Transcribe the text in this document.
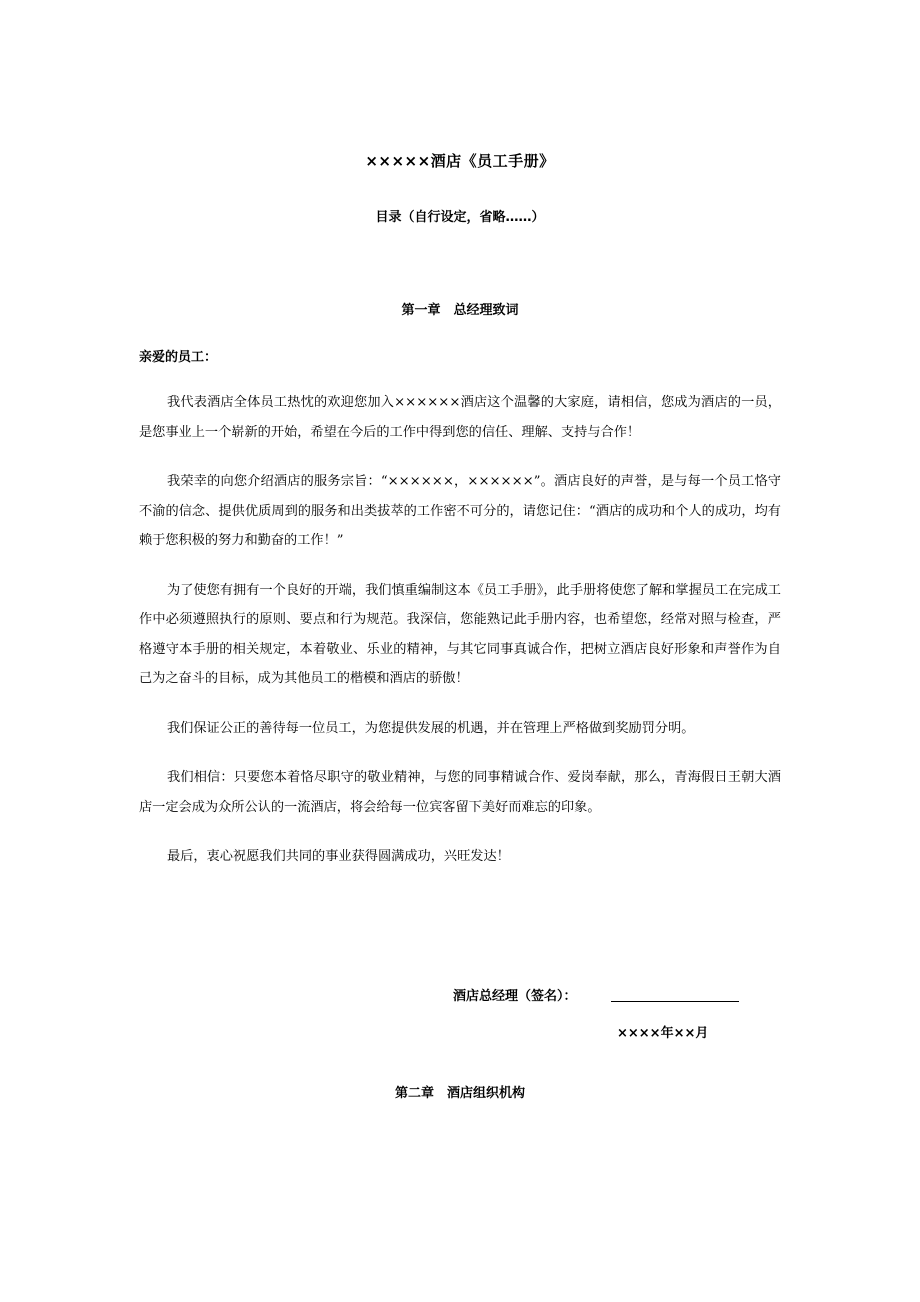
×××××酒店《员工手册》
目录（自行设定，省略……）
第一章　总经理致词
亲爱的员工：

我代表酒店全体员工热忱的欢迎您加入××××××酒店这个温馨的大家庭，请相信，您成为酒店的一员，是您事业上一个崭新的开始，希望在今后的工作中得到您的信任、理解、支持与合作！

我荣幸的向您介绍酒店的服务宗旨：“××××××，××××××”。酒店良好的声誉，是与每一个员工恪守不渝的信念、提供优质周到的服务和出类拔萃的工作密不可分的，请您记住：“酒店的成功和个人的成功，均有赖于您积极的努力和勤奋的工作！”

为了使您有拥有一个良好的开端，我们慎重编制这本《员工手册》，此手册将使您了解和掌握员工在完成工作中必须遵照执行的原则、要点和行为规范。我深信，您能熟记此手册内容，也希望您，经常对照与检查，严格遵守本手册的相关规定，本着敬业、乐业的精神，与其它同事真诚合作，把树立酒店良好形象和声誉作为自己为之奋斗的目标，成为其他员工的楷模和酒店的骄傲！

我们保证公正的善待每一位员工，为您提供发展的机遇，并在管理上严格做到奖励罚分明。

我们相信：只要您本着恪尽职守的敬业精神，与您的同事精诚合作、爱岗奉献，那么，青海假日王朝大酒店一定会成为众所公认的一流酒店，将会给每一位宾客留下美好而难忘的印象。

最后，衷心祝愿我们共同的事业获得圆满成功，兴旺发达！

酒店总经理（签名）：
××××年××月
第二章　酒店组织机构
